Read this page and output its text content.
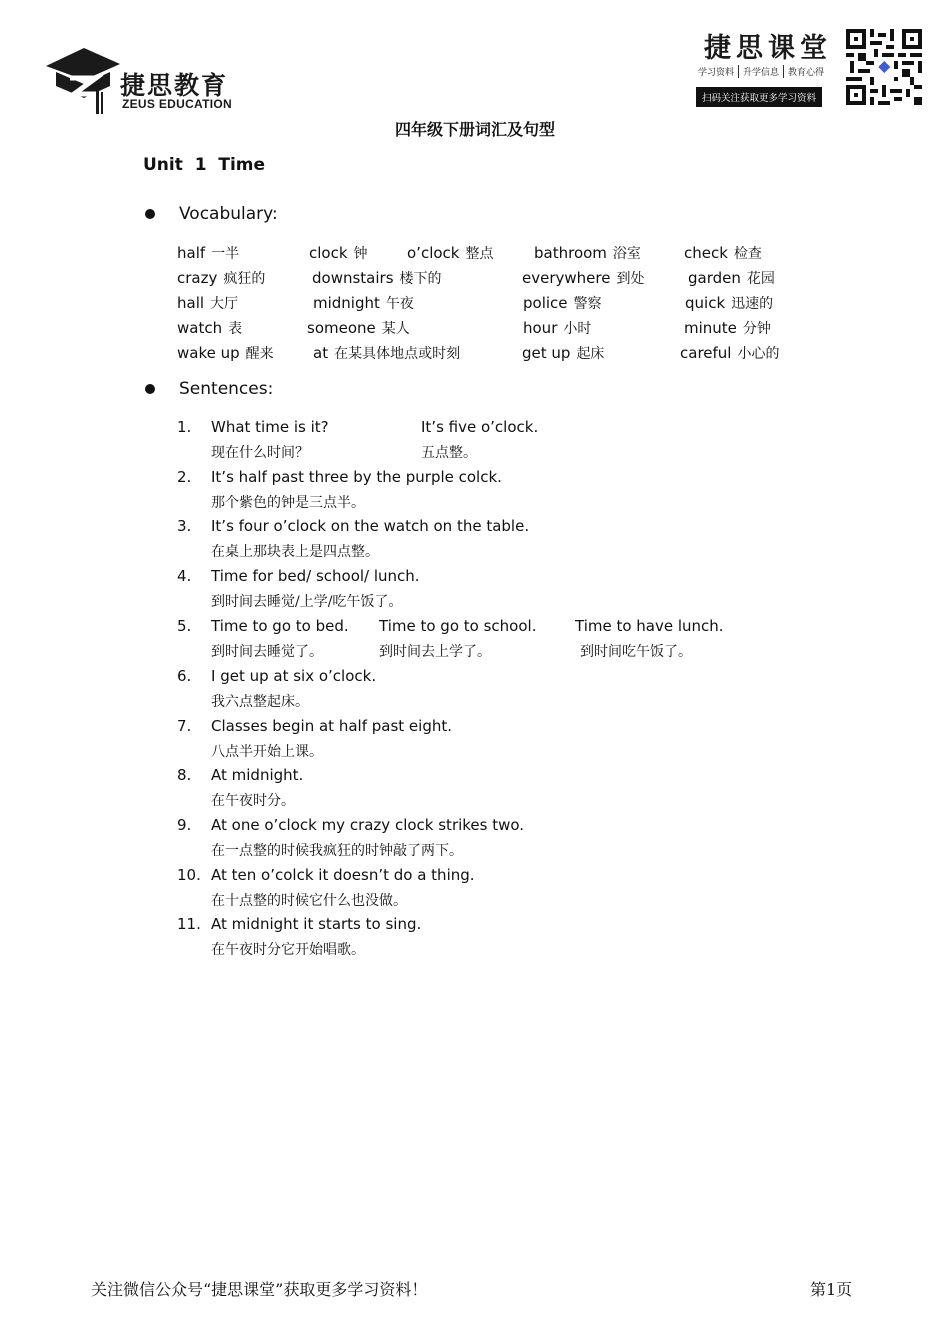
捷思教育
ZEUS EDUCATION
捷思课堂
学习资料 升学信息 教育心得
扫码关注获取更多学习资料
四年级下册词汇及句型
Unit  1  Time
Vocabulary:
half 一半	clock 钟	o’clock 整点	bathroom 浴室	check 检查
crazy 疯狂的	downstairs 楼下的	everywhere 到处	garden 花园
hall 大厅	midnight 午夜	police 警察	quick 迅速的
watch 表	someone 某人	hour 小时	minute 分钟
wake up 醒来	at 在某具体地点或时刻	get up 起床	careful 小心的
Sentences:
1. What time is it?	It’s five o’clock.
现在什么时间？	五点整。
2. It’s half past three by the purple colck.
那个紫色的钟是三点半。
3. It’s four o’clock on the watch on the table.
在桌上那块表上是四点整。
4. Time for bed/ school/ lunch.
到时间去睡觉/上学/吃午饭了。
5. Time to go to bed. Time to go to school.	Time to have lunch.
到时间去睡觉了。	到时间去上学了。	到时间吃午饭了。
6. I get up at six o’clock.
我六点整起床。
7. Classes begin at half past eight.
八点半开始上课。
8. At midnight.
在午夜时分。
9. At one o’clock my crazy clock strikes two.
在一点整的时候我疯狂的时钟敲了两下。
10. At ten o’colck it doesn’t do a thing.
在十点整的时候它什么也没做。
11. At midnight it starts to sing.
在午夜时分它开始唱歌。
关注微信公众号“捷思课堂”获取更多学习资料！	第1页
